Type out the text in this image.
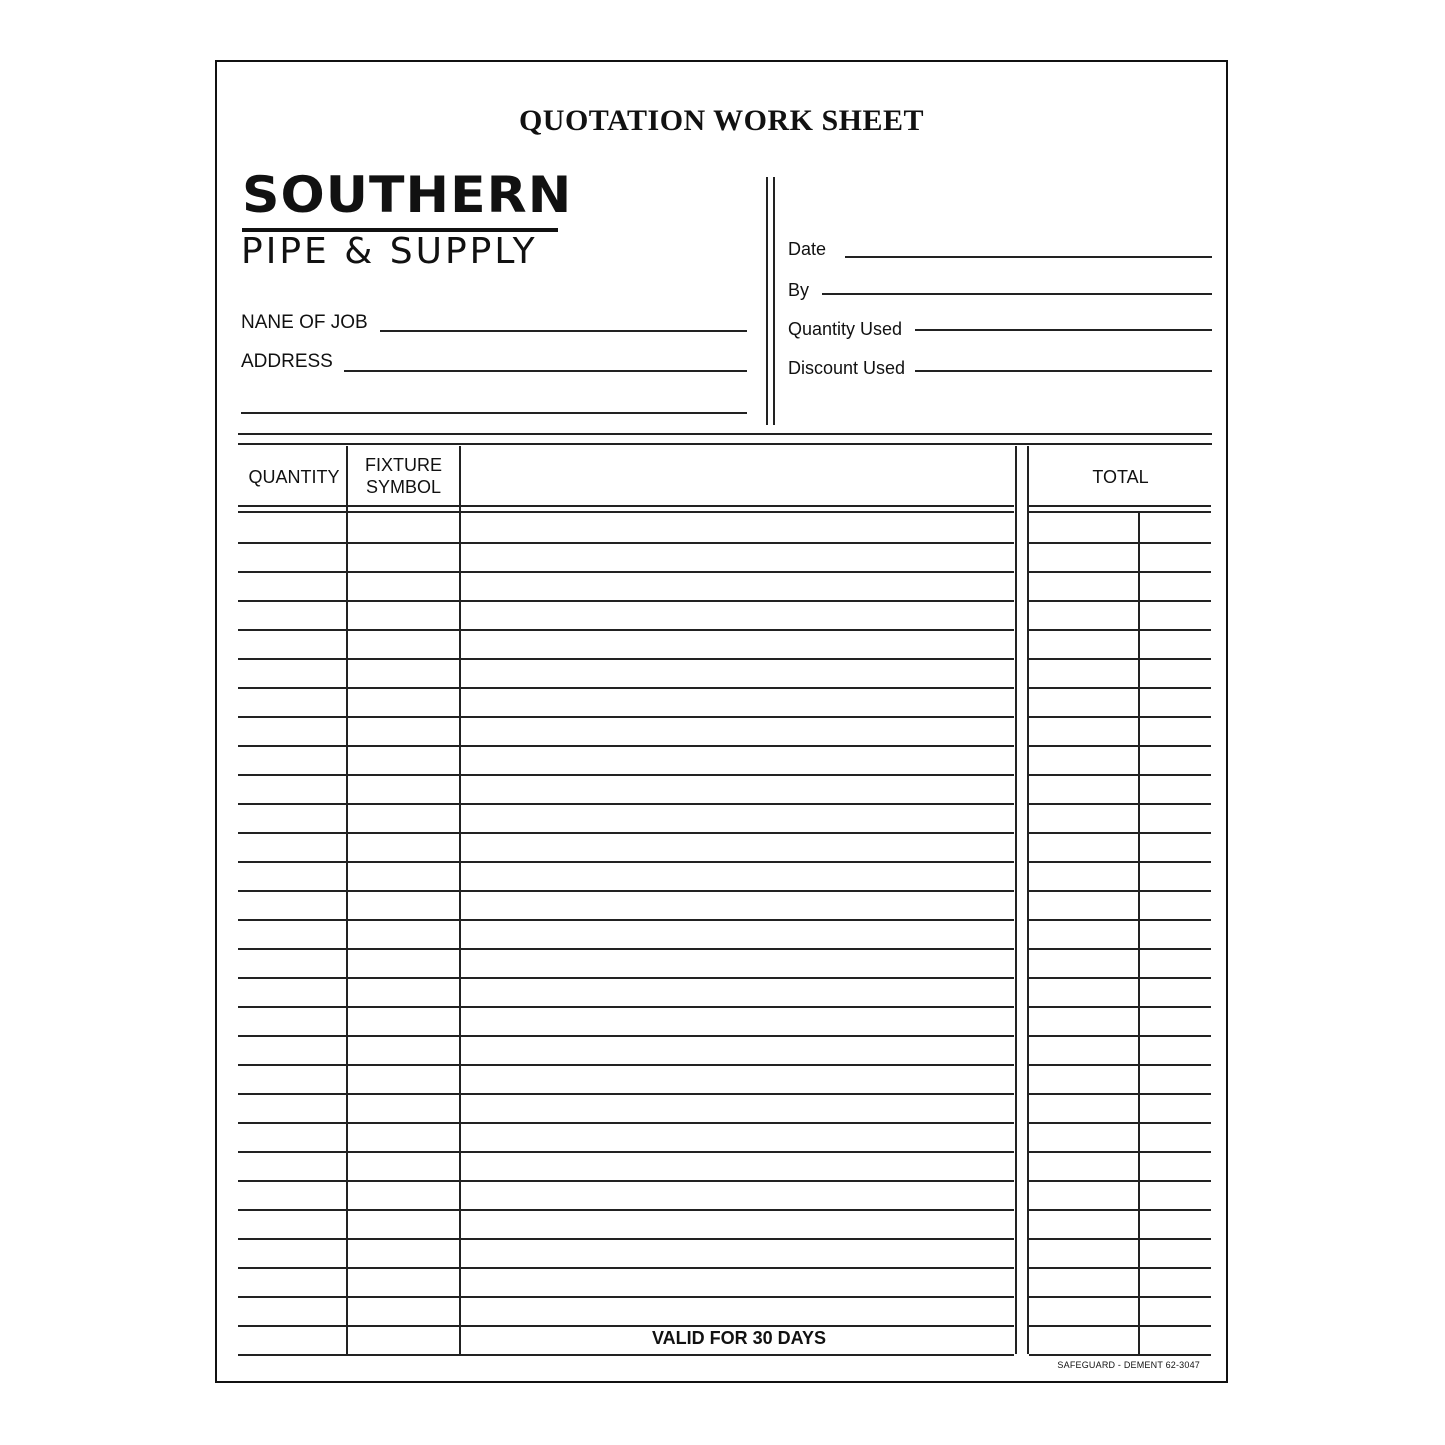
QUOTATION WORK SHEET
SOUTHERN
PIPE & SUPPLY
NANE OF JOB
ADDRESS
Date
By
Quantity Used
Discount Used
QUANTITY
FIXTURE
SYMBOL	TOTAL
VALID FOR 30 DAYS
SAFEGUARD - DEMENT 62-3047
